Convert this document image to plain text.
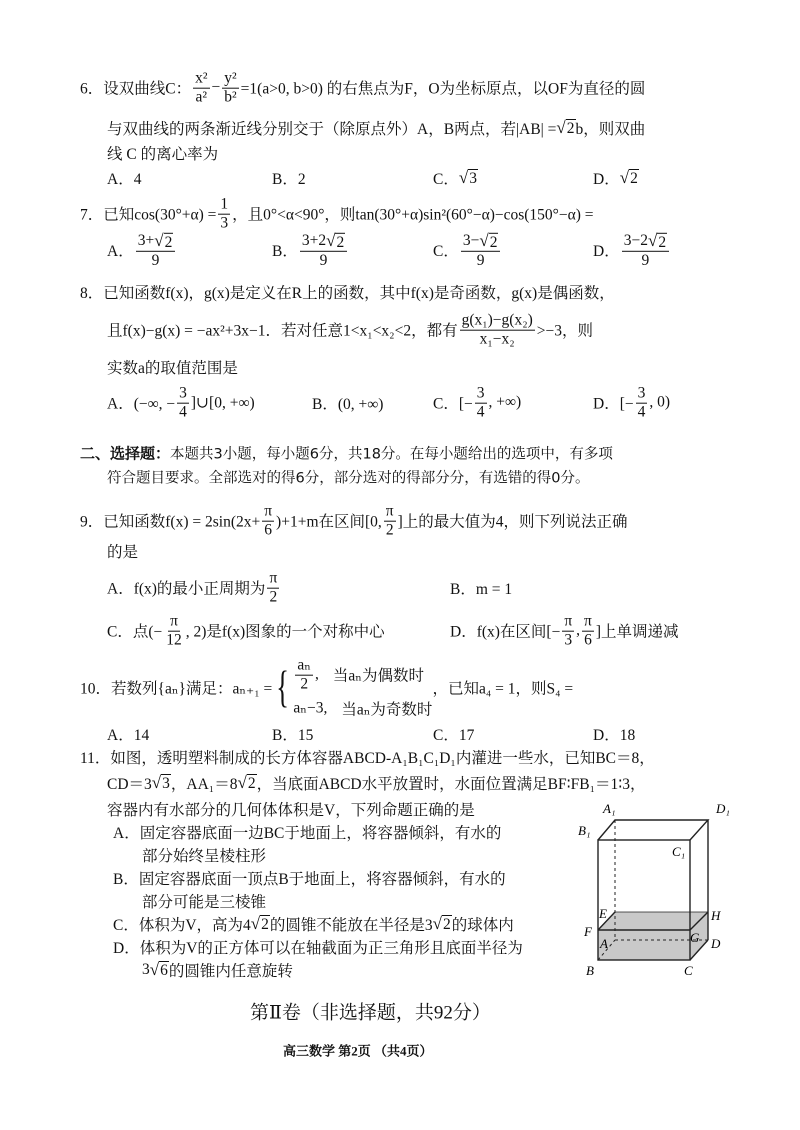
6．设双曲线 C： $\frac{\text{x²}}{\text{a²}} - \frac{\text{y²}}{\text{b²}} =1(a>0$, b>0) 的右焦点为F，O为坐标原点，以OF为直径的圆
与双曲线的两条渐近线分别交于（除原点外）A，B两点，若|AB| = √ 2 b，则双曲
线 C 的离心率为
A．4	B．2	C． √ 3	D． √ 2
7．已知$\cos(30^\circ+\alpha) = \frac{1}{3}$ ，且0°<α<90°，则tan(30°+α)sin²(60°−α)−cos(150°−α) =
A． $\frac{3+ √ 2}{9}$	B． $\frac{3+2 √ 2}{9}$	C． $\frac{3- √ 2}{9}$	D． $\frac{3-2 √ 2}{9}$
8．已知函数f(x)，g(x)是定义在R上的函数，其中f(x)是奇函数，g(x)是偶函数，
且f(x)−g(x) = −ax²+3x−1．若对任意1<x₁<x₂<2，都有 $\frac{\text{g(x₁)−g(x₂)}}{\text{x₁−x₂}} >-3$，则
实数a的取值范围是
A．(−∞, − $\frac{3}{4}$ ]∪[0, +∞)	B．(0, +∞)	C．[− $\frac{3}{4}$ , +∞)	D．[− $\frac{3}{4}$ , 0)
二、选择题： 本题共3小题，每小题6分，共18分。在每小题给出的选项中，有多项
符合题目要求。全部选对的得6分，部分选对的得部分分，有选错的得0分。
9．已知函数$f(x) = 2\sin(2x+ \frac{\pi}{6} )+1+m$在区间[0, $\frac{\pi}{2}$ ]上的最大值为4，则下列说法正确
的是
A．f(x)的最小正周期为 $\frac{\pi}{2}$	B．m = 1
C．点(− $\frac{\pi}{12}$ , 2)是f(x)图象的一个对称中心	D．f(x)在区间[− $\frac{\pi}{3}$ , $\frac{\pi}{6}$ ]上单调递减
10．若数列{aₙ}满足：aₙ₊₁ = { $\frac{\text{aₙ}}{2}$ , 当aₙ为偶数时
aₙ−3, 当aₙ为奇数时
，已知a₄ = 1，则S₄ =
A．14	B．15	C．17	D．18
11．如图，透明塑料制成的长方体容器ABCD-A₁B₁C₁D₁内灌进一些水，已知BC＝8，
CD＝3 √ 3 ，AA₁＝8 √ 2 ，当底面ABCD水平放置时，水面位置满足BF∶FB₁＝1∶3，
容器内有水部分的几何体体积是V，下列命题正确的是
A．固定容器底面一边BC于地面上，将容器倾斜，有水的
部分始终呈棱柱形
B．固定容器底面一顶点B于地面上，将容器倾斜，有水的
部分可能是三棱锥
C．体积为V，高为4 √ 2 的圆锥不能放在半径是3 √ 2 的球体内
D．体积为V的正方体可以在轴截面为正三角形且底面半径为
3 √ 6 的圆锥内任意旋转
A₁	D₁
B₁
C₁
E	H
F	G
A	D
B	C
第Ⅱ卷（非选择题，共92分）
高三数学 第2页 （共4页）
